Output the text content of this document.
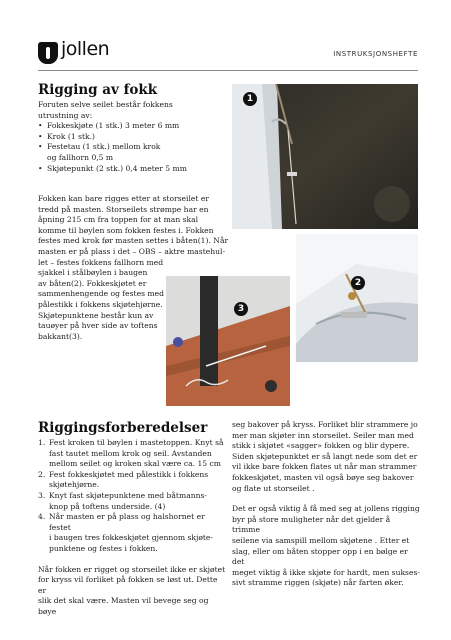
jollen	INSTRUKSJONSHEFTE
Rigging av fokk
Foruten selve seilet består fokkens
utrustning av:
• Fokkeskjøte (1 stk.) 3 meter 6 mm
• Krok (1 stk.)
• Festetau (1 stk.) mellom krok
og fallhorn 0,5 m
• Skjøtepunkt (2 stk.) 0,4 meter 5 mm
Fokken kan bare rigges etter at storseilet er
tredd på masten. Storseilets strømpe har en
åpning 215 cm fra toppen for at man skal
komme til bøylen som fokken festes i. Fokken
festes med krok før masten settes i båten(1). Når
masten er på plass i det – OBS – aktre mastehul-
let – festes fokkens fallhorn med
sjakkel i stålbøylen i baugen
av båten(2). Fokkeskjøtet er
sammenhengende og festes med
pålestikk i fokkens skjøtehjørne.
Skjøtepunktene består kun av
tauøyer på hver side av toftens
bakkant(3).
1
2
3
Riggingsforberedelser
1. Fest kroken til bøylen i mastetoppen. Knyt så
fast tautet mellom krok og seil. Avstanden
mellom seilet og kroken skal være ca. 15 cm
2. Fest fokkeskjøtet med pålestikk i fokkens
skjøtehjørne.
3. Knyt fast skjøtepunktene med båtmanns-
knop på toftens underside. (4)
4. Når masten er på plass og halshornet er festet
i baugen tres fokkeskjøtet gjennom skjøte-
punktene og festes i fokken.
Når fokken er rigget og storseilet ikke er skjøtet
for kryss vil forliket på fokken se løst ut. Dette er
slik det skal være. Masten vil bevege seg og bøye
seg bakover på kryss. Forliket blir strammere jo
mer man skjøter inn storseilet. Seiler man med
stikk i skjøtet «sagger» fokken og blir dypere.
Siden skjøtepunktet er så langt nede som det er
vil ikke bare fokken flates ut når man strammer
fokkeskjøtet, masten vil også bøye seg bakover
og flate ut storseilet .
Det er også viktig å få med seg at jollens rigging
byr på store muligheter når det gjelder å trimme
seilene via samspill mellom skjøtene . Etter et
slag, eller om båten stopper opp i en bølge er det
meget viktig å ikke skjøte for hardt, men sukses-
sivt stramme riggen (skjøte) når farten øker.
